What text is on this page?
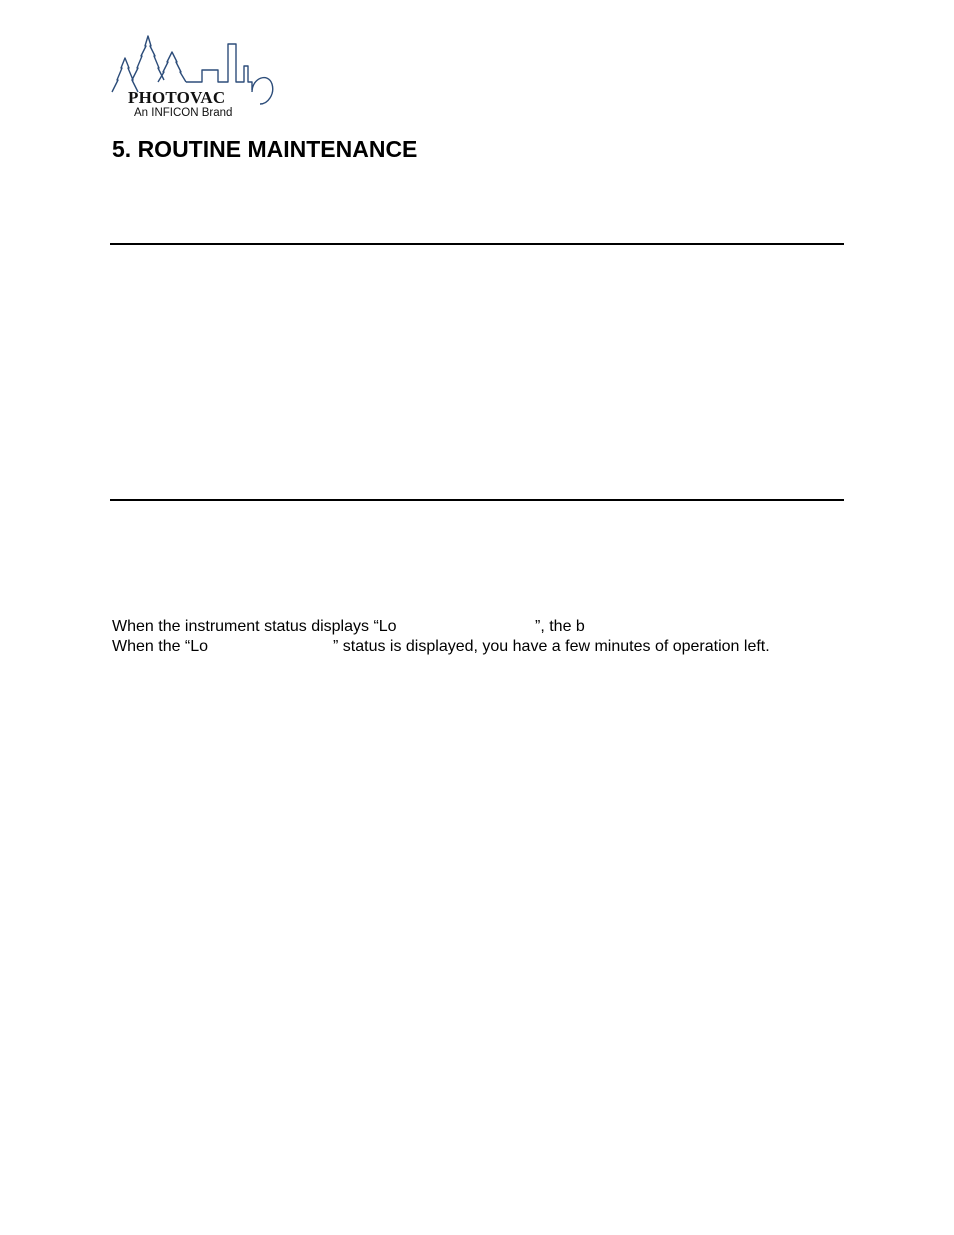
PHOTOVAC
An INFICON Brand
5. ROUTINE MAINTENANCE
When the instrument status displays “Lo	”, the b
When the “Lo	” status is displayed, you have a few minutes of operation left.
